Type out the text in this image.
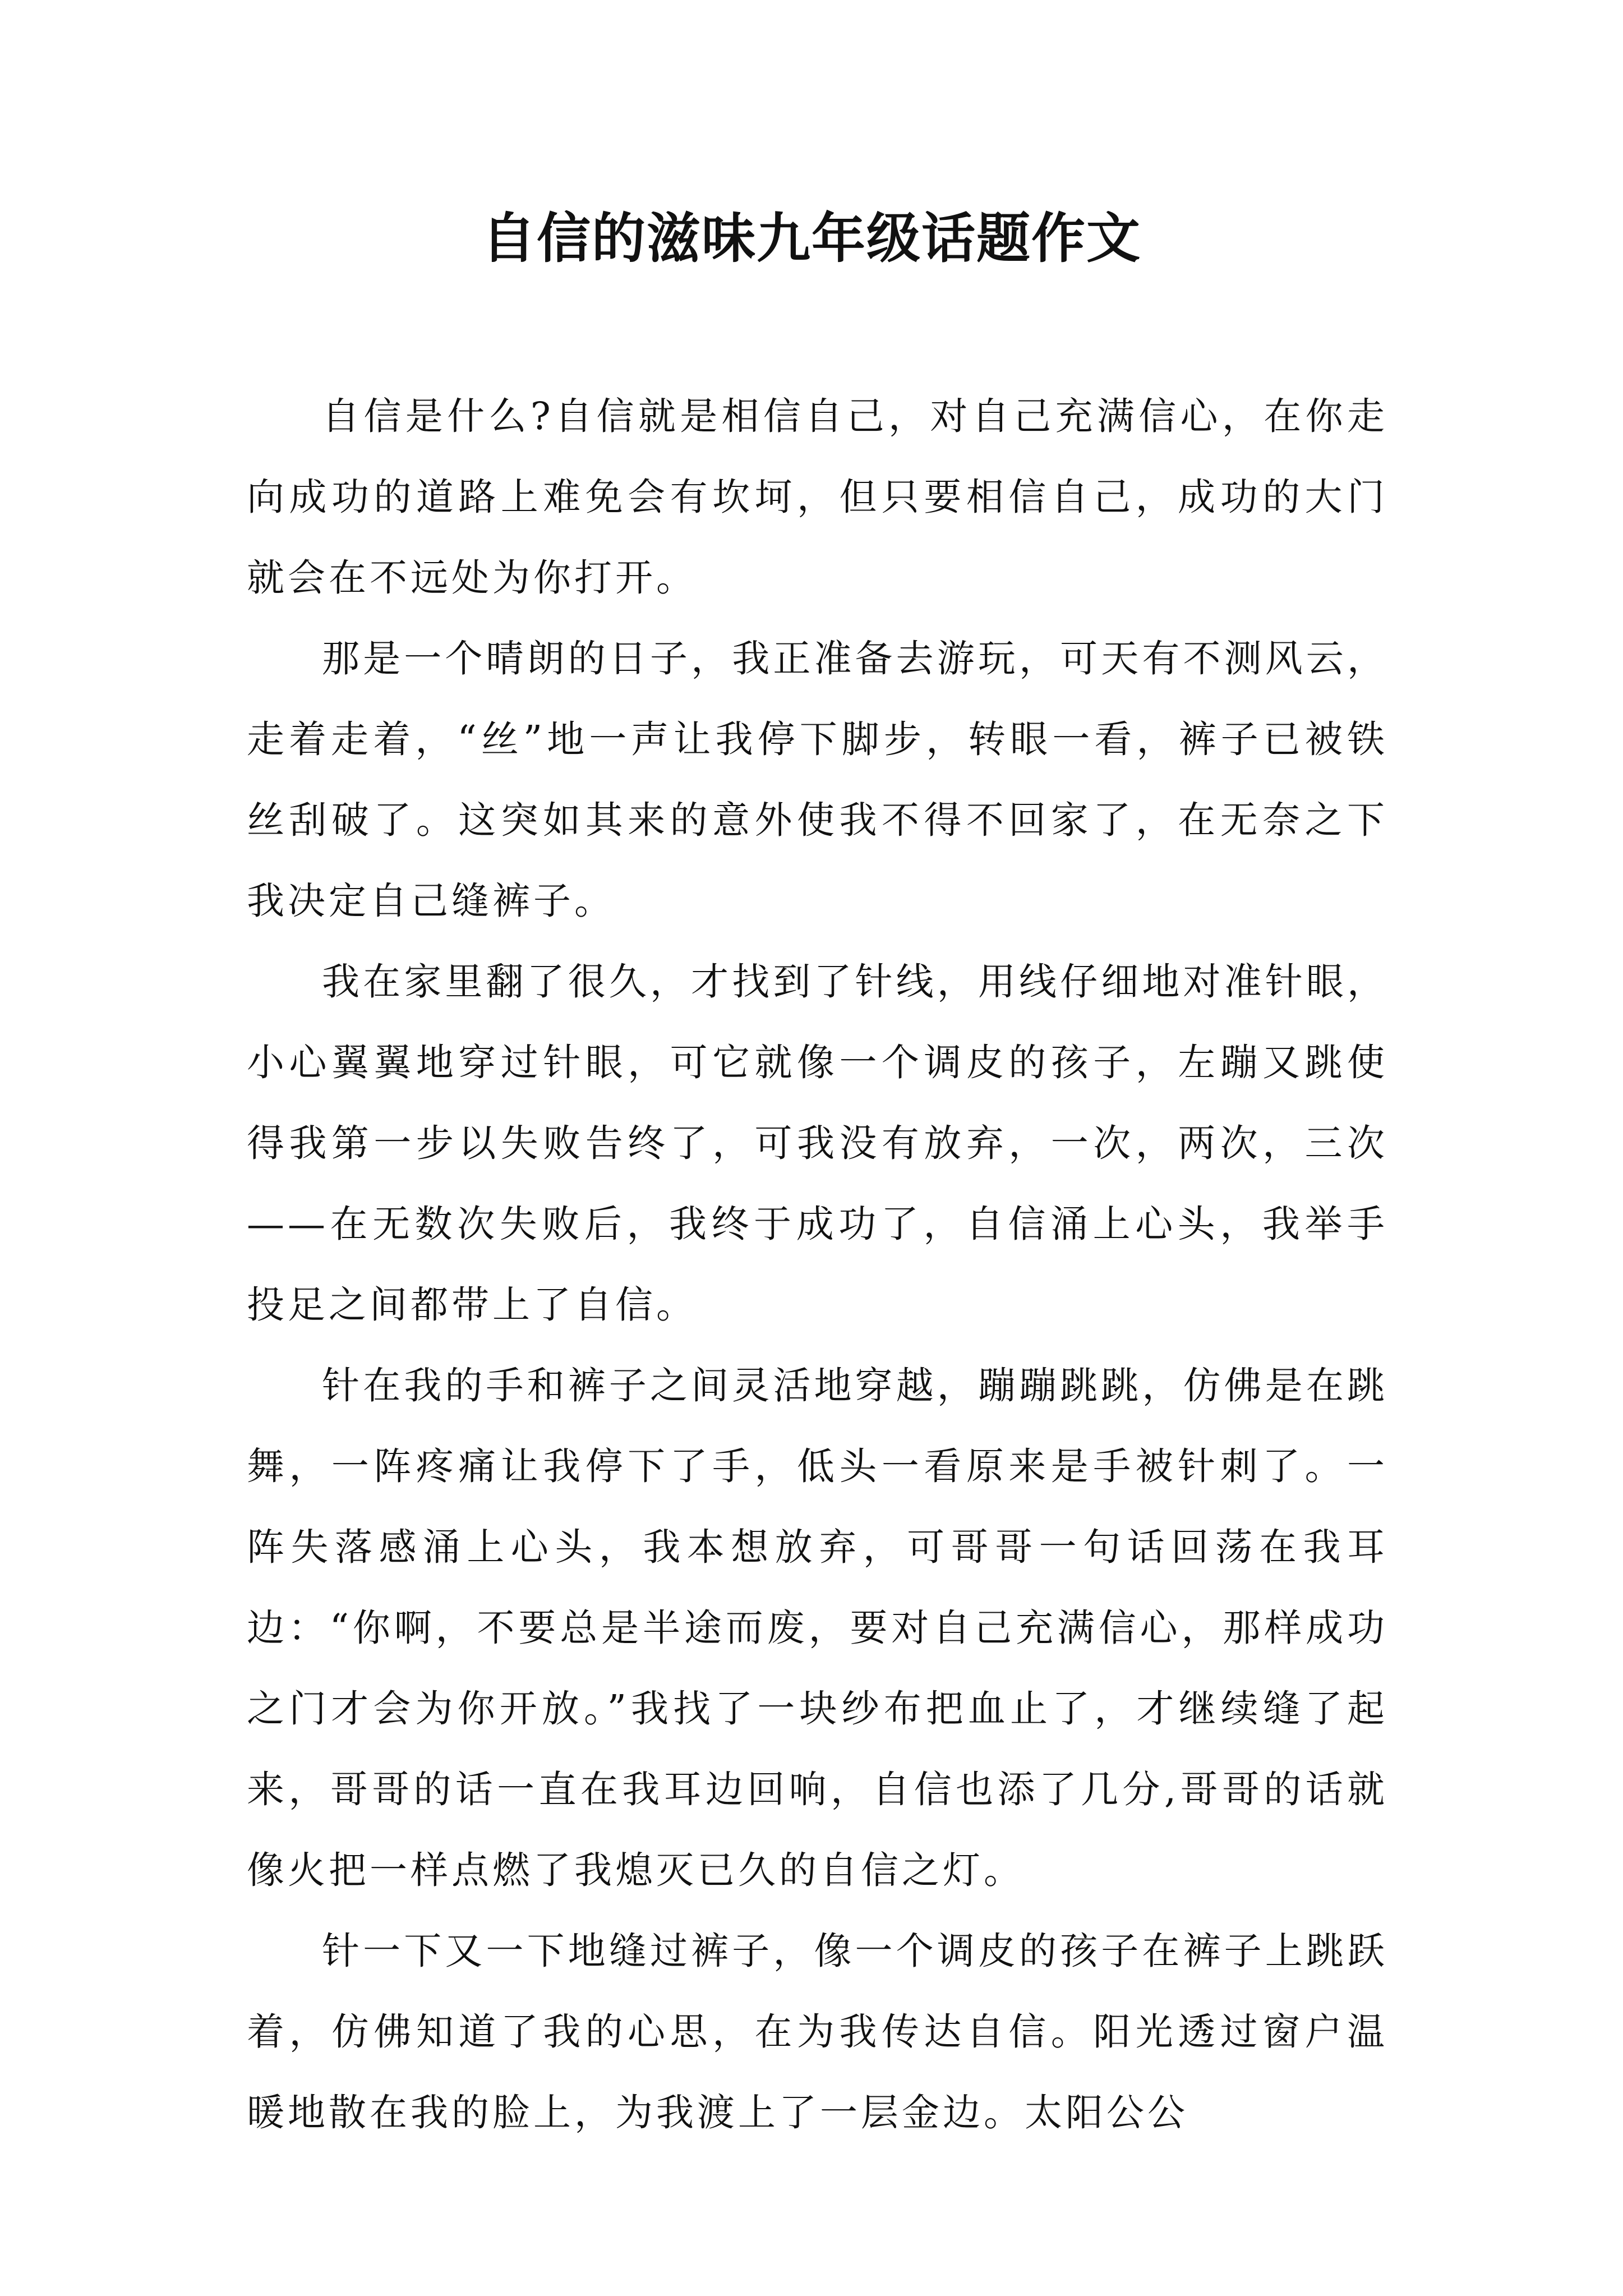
自信的滋味九年级话题作文

自信是什么?自信就是相信自己，对自己充满信心，在你走向成功的道路上难免会有坎坷，但只要相信自己，成功的大门就会在不远处为你打开。

那是一个晴朗的日子，我正准备去游玩，可天有不测风云，走着走着，“丝”地一声让我停下脚步，转眼一看，裤子已被铁丝刮破了。这突如其来的意外使我不得不回家了，在无奈之下我决定自己缝裤子。

我在家里翻了很久，才找到了针线，用线仔细地对准针眼，小心翼翼地穿过针眼，可它就像一个调皮的孩子，左蹦又跳使得我第一步以失败告终了，可我没有放弃，一次，两次，三次——在无数次失败后，我终于成功了，自信涌上心头，我举手投足之间都带上了自信。

针在我的手和裤子之间灵活地穿越，蹦蹦跳跳，仿佛是在跳舞，一阵疼痛让我停下了手，低头一看原来是手被针刺了。一阵失落感涌上心头，我本想放弃，可哥哥一句话回荡在我耳边：“你啊，不要总是半途而废，要对自己充满信心，那样成功之门才会为你开放。”我找了一块纱布把血止了，才继续缝了起来，哥哥的话一直在我耳边回响，自信也添了几分,哥哥的话就像火把一样点燃了我熄灭已久的自信之灯。

针一下又一下地缝过裤子，像一个调皮的孩子在裤子上跳跃着，仿佛知道了我的心思，在为我传达自信。阳光透过窗户温暖地散在我的脸上，为我渡上了一层金边。太阳公公
